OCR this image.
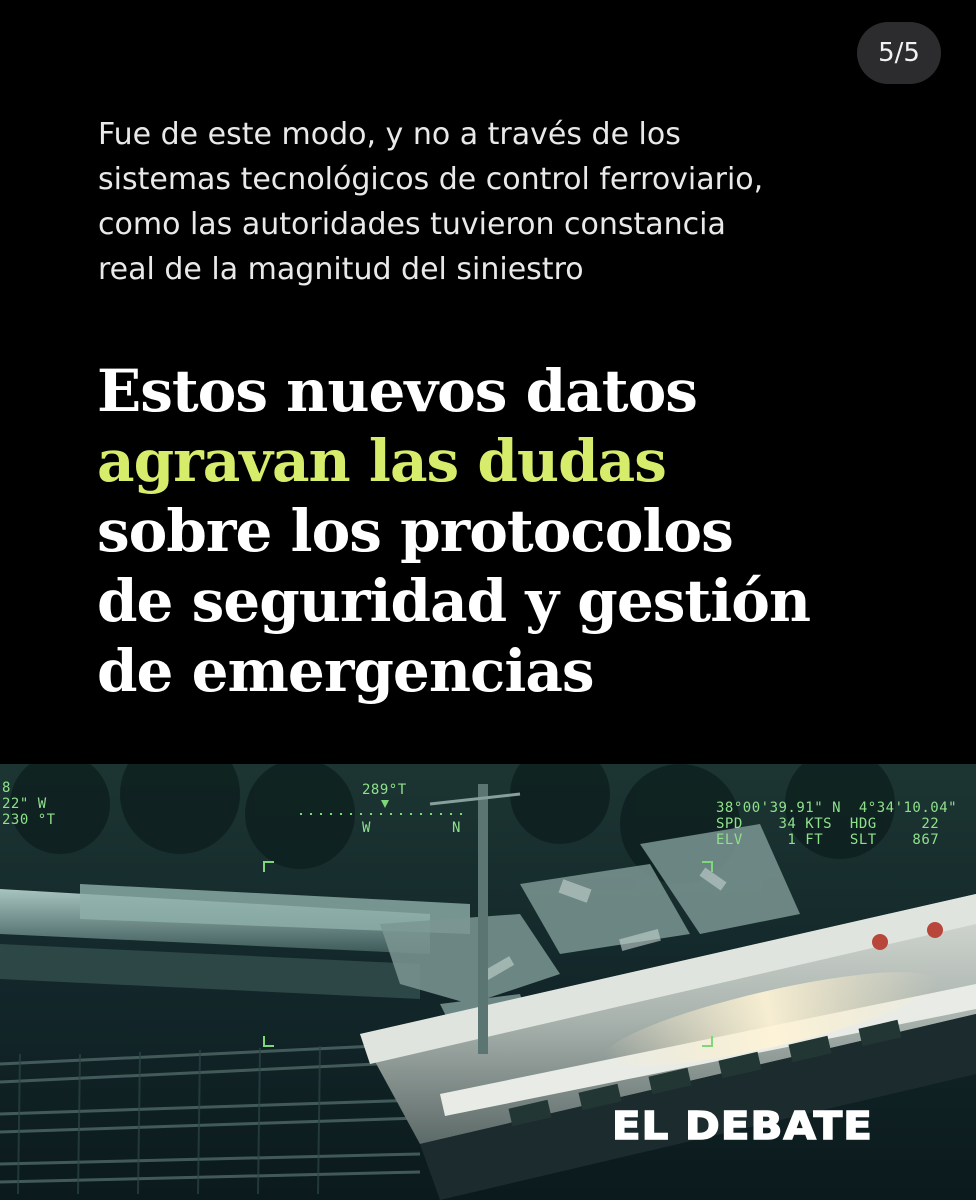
5/5
Fue de este modo, y no a través de los
sistemas tecnológicos de control ferroviario,
como las autoridades tuvieron constancia
real de la magnitud del siniestro
Estos nuevos datos
agravan las dudas
sobre los protocolos
de seguridad y gestión
de emergencias
8
22" W
230 °T
289°T
W	N
38°00'39.91" N  4°34'10.04"
SPD    34 KTS  HDG     22
ELV     1 FT   SLT    867
EL DEBATE
